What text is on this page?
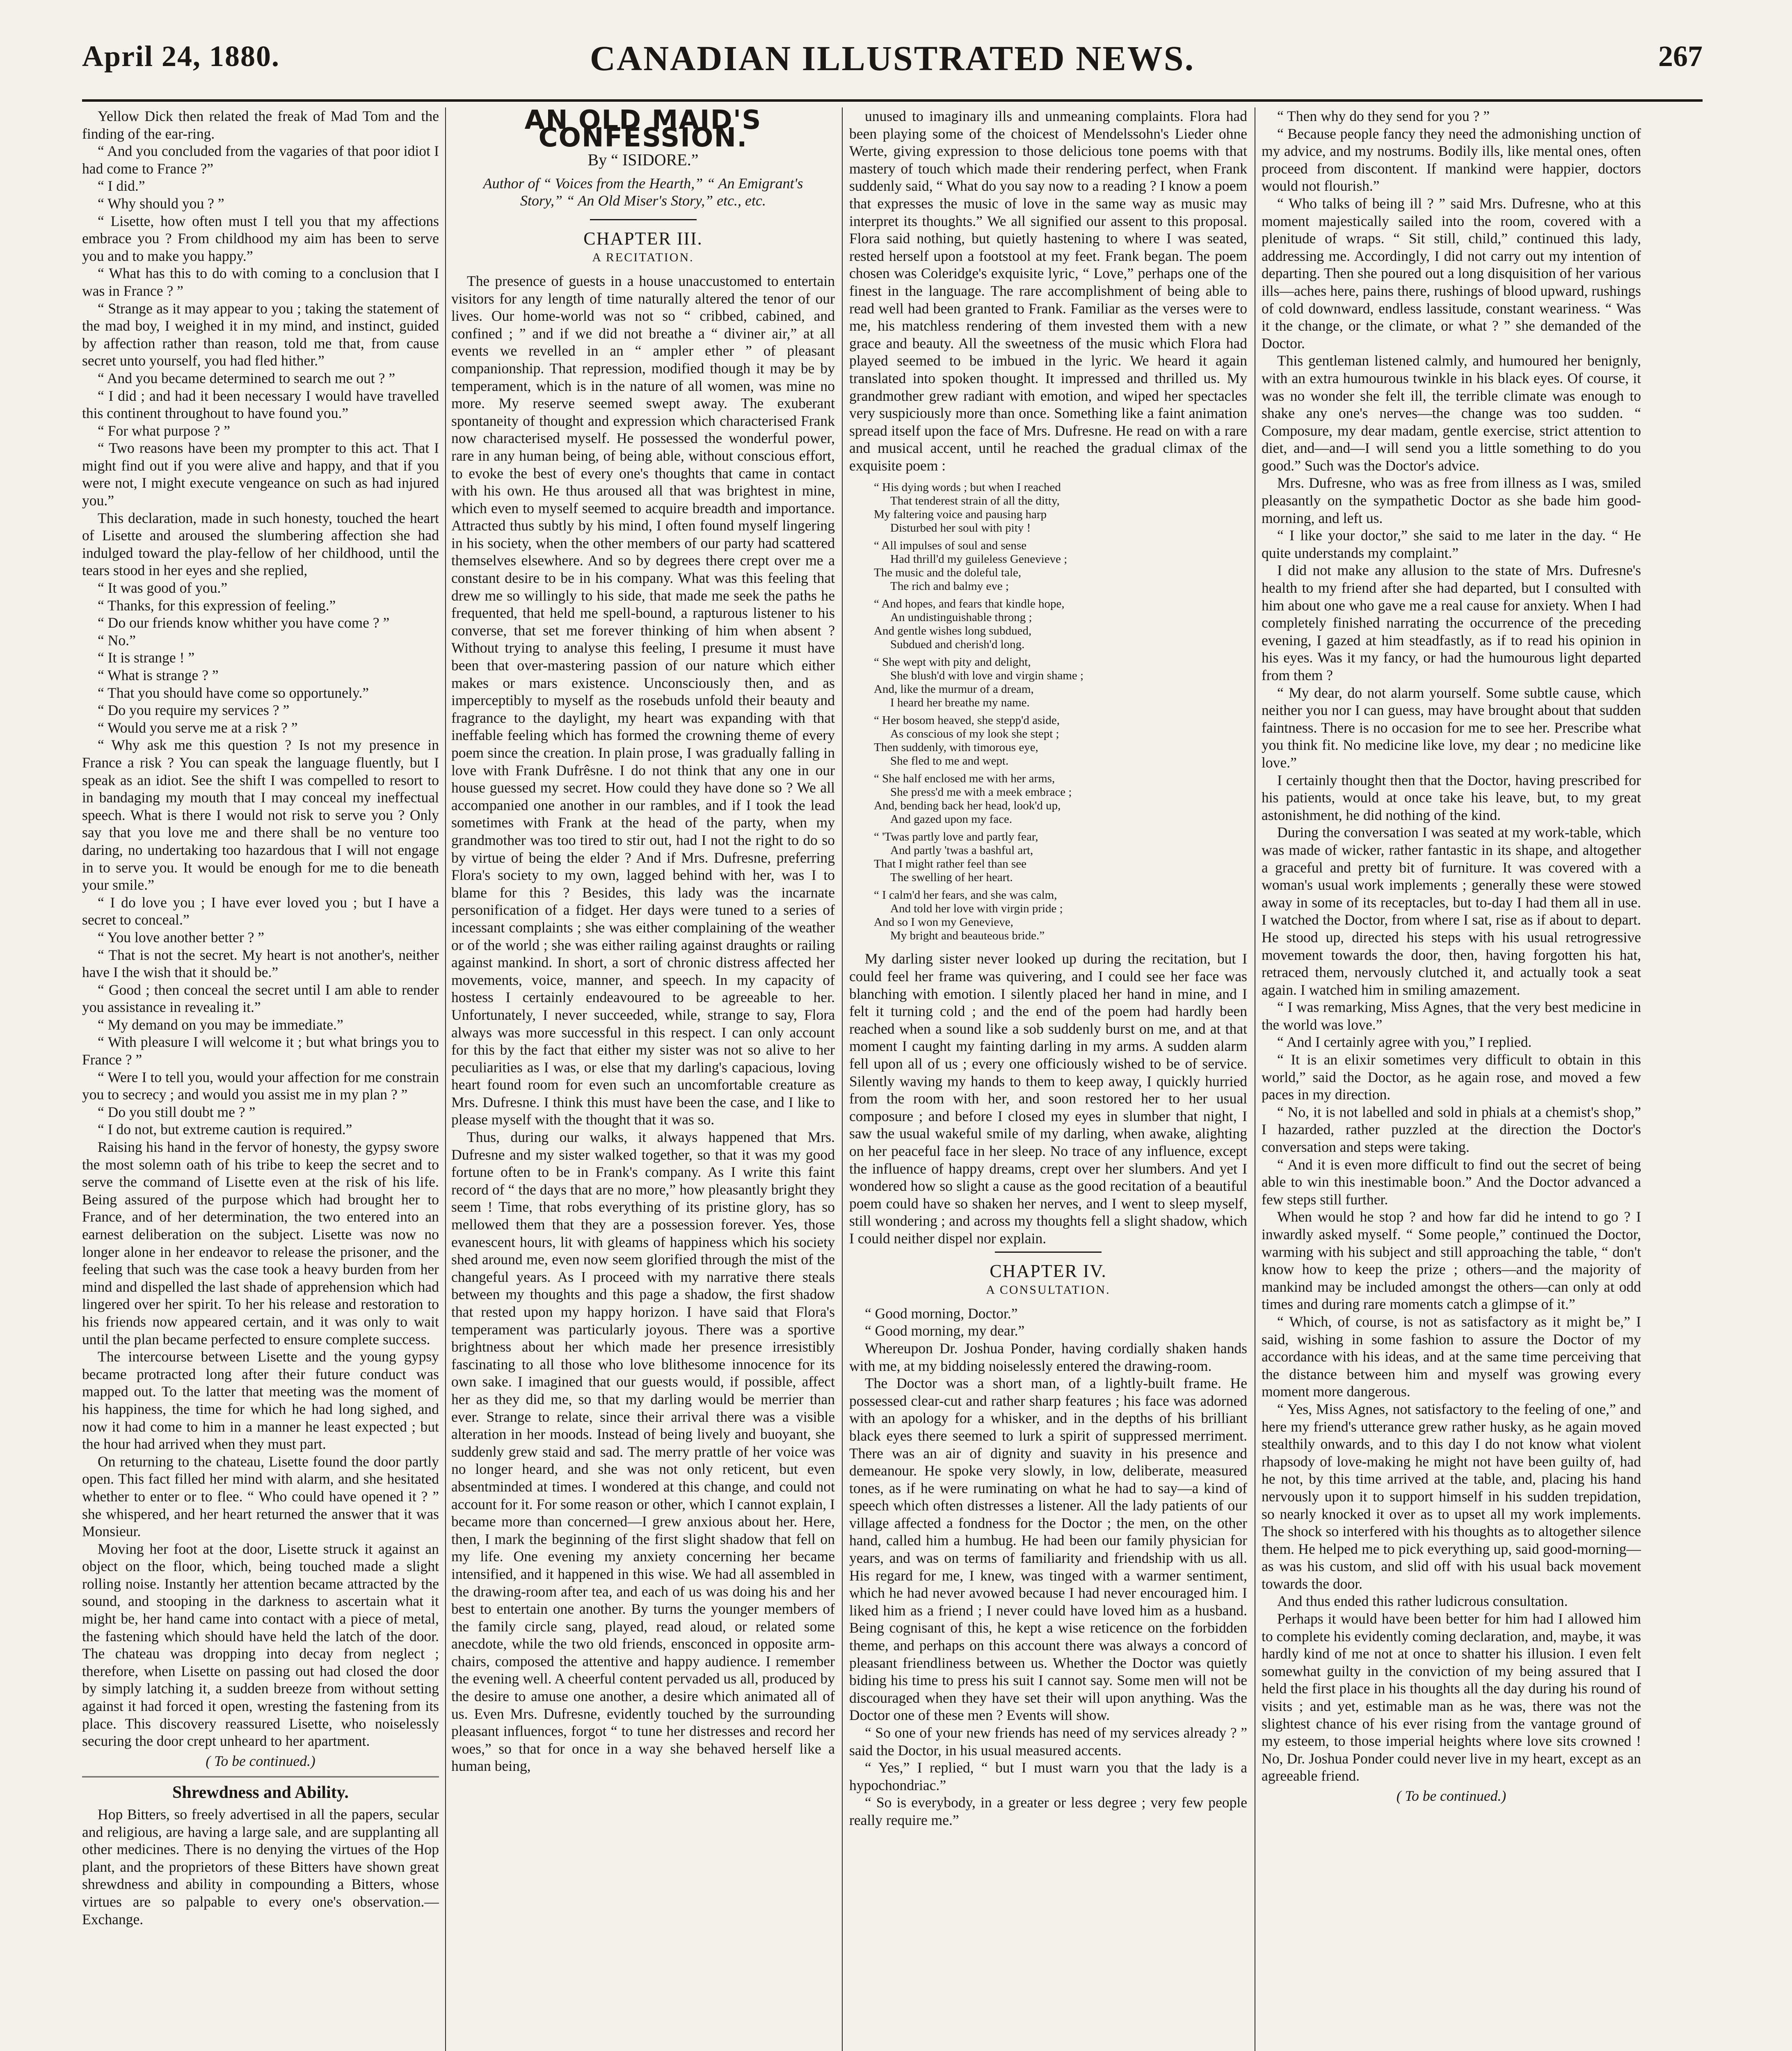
April 24, 1880.	CANADIAN ILLUSTRATED NEWS.	267

Yellow Dick then related the freak of Mad Tom and the finding of the ear-ring.

“ And you concluded from the vagaries of that poor idiot I had come to France ?”

“ I did.”

“ Why should you ? ”

“ Lisette, how often must I tell you that my affections embrace you ? From childhood my aim has been to serve you and to make you happy.”

“ What has this to do with coming to a conclusion that I was in France ? ”

“ Strange as it may appear to you ; taking the statement of the mad boy, I weighed it in my mind, and instinct, guided by affection rather than reason, told me that, from cause secret unto yourself, you had fled hither.”

“ And you became determined to search me out ? ”

“ I did ; and had it been necessary I would have travelled this continent throughout to have found you.”

“ For what purpose ? ”

“ Two reasons have been my prompter to this act. That I might find out if you were alive and happy, and that if you were not, I might execute vengeance on such as had injured you.”

This declaration, made in such honesty, touched the heart of Lisette and aroused the slumbering affection she had indulged toward the play-fellow of her childhood, until the tears stood in her eyes and she replied,

“ It was good of you.”

“ Thanks, for this expression of feeling.”

“ Do our friends know whither you have come ? ”

“ No.”

“ It is strange ! ”

“ What is strange ? ”

“ That you should have come so opportunely.”

“ Do you require my services ? ”

“ Would you serve me at a risk ? ”

“ Why ask me this question ? Is not my presence in France a risk ? You can speak the language fluently, but I speak as an idiot. See the shift I was compelled to resort to in bandaging my mouth that I may conceal my ineffectual speech. What is there I would not risk to serve you ? Only say that you love me and there shall be no venture too daring, no undertaking too hazardous that I will not engage in to serve you. It would be enough for me to die beneath your smile.”

“ I do love you ; I have ever loved you ; but I have a secret to conceal.”

“ You love another better ? ”

“ That is not the secret. My heart is not another's, neither have I the wish that it should be.”

“ Good ; then conceal the secret until I am able to render you assistance in revealing it.”

“ My demand on you may be immediate.”

“ With pleasure I will welcome it ; but what brings you to France ? ”

“ Were I to tell you, would your affection for me constrain you to secrecy ; and would you assist me in my plan ? ”

“ Do you still doubt me ? ”

“ I do not, but extreme caution is required.”

Raising his hand in the fervor of honesty, the gypsy swore the most solemn oath of his tribe to keep the secret and to serve the command of Lisette even at the risk of his life. Being assured of the purpose which had brought her to France, and of her determination, the two entered into an earnest deliberation on the subject. Lisette was now no longer alone in her endeavor to release the prisoner, and the feeling that such was the case took a heavy burden from her mind and dispelled the last shade of apprehension which had lingered over her spirit. To her his release and restoration to his friends now appeared certain, and it was only to wait until the plan became perfected to ensure complete success.

The intercourse between Lisette and the young gypsy became protracted long after their future conduct was mapped out. To the latter that meeting was the moment of his happiness, the time for which he had long sighed, and now it had come to him in a manner he least expected ; but the hour had arrived when they must part.

On returning to the chateau, Lisette found the door partly open. This fact filled her mind with alarm, and she hesitated whether to enter or to flee. “ Who could have opened it ? ” she whispered, and her heart returned the answer that it was Monsieur.

Moving her foot at the door, Lisette struck it against an object on the floor, which, being touched made a slight rolling noise. Instantly her attention became attracted by the sound, and stooping in the darkness to ascertain what it might be, her hand came into contact with a piece of metal, the fastening which should have held the latch of the door. The chateau was dropping into decay from neglect ; therefore, when Lisette on passing out had closed the door by simply latching it, a sudden breeze from without setting against it had forced it open, wresting the fastening from its place. This discovery reassured Lisette, who noiselessly securing the door crept unheard to her apartment.

( To be continued.)
Shrewdness and Ability.

Hop Bitters, so freely advertised in all the papers, secular and religious, are having a large sale, and are supplanting all other medicines. There is no denying the virtues of the Hop plant, and the proprietors of these Bitters have shown great shrewdness and ability in compounding a Bitters, whose virtues are so palpable to every one's observation.—Exchange.

AN OLD MAID'S CONFESSION.
By “ ISIDORE.”
Author of “ Voices from the Hearth,” “ An Emigrant's Story,” “ An Old Miser's Story,” etc., etc.
CHAPTER III.
A RECITATION.

The presence of guests in a house unaccustomed to entertain visitors for any length of time naturally altered the tenor of our lives. Our home-world was not so “ cribbed, cabined, and confined ; ” and if we did not breathe a “ diviner air,” at all events we revelled in an “ ampler ether ” of pleasant companionship. That repression, modified though it may be by temperament, which is in the nature of all women, was mine no more. My reserve seemed swept away. The exuberant spontaneity of thought and expression which characterised Frank now characterised myself. He possessed the wonderful power, rare in any human being, of being able, without conscious effort, to evoke the best of every one's thoughts that came in contact with his own. He thus aroused all that was brightest in mine, which even to myself seemed to acquire breadth and importance. Attracted thus subtly by his mind, I often found myself lingering in his society, when the other members of our party had scattered themselves elsewhere. And so by degrees there crept over me a constant desire to be in his company. What was this feeling that drew me so willingly to his side, that made me seek the paths he frequented, that held me spell-bound, a rapturous listener to his converse, that set me forever thinking of him when absent ? Without trying to analyse this feeling, I presume it must have been that over-mastering passion of our nature which either makes or mars existence. Unconsciously then, and as imperceptibly to myself as the rosebuds unfold their beauty and fragrance to the daylight, my heart was expanding with that ineffable feeling which has formed the crowning theme of every poem since the creation. In plain prose, I was gradually falling in love with Frank Dufrêsne. I do not think that any one in our house guessed my secret. How could they have done so ? We all accompanied one another in our rambles, and if I took the lead sometimes with Frank at the head of the party, when my grandmother was too tired to stir out, had I not the right to do so by virtue of being the elder ? And if Mrs. Dufresne, preferring Flora's society to my own, lagged behind with her, was I to blame for this ? Besides, this lady was the incarnate personification of a fidget. Her days were tuned to a series of incessant complaints ; she was either complaining of the weather or of the world ; she was either railing against draughts or railing against mankind. In short, a sort of chronic distress affected her movements, voice, manner, and speech. In my capacity of hostess I certainly endeavoured to be agreeable to her. Unfortunately, I never succeeded, while, strange to say, Flora always was more successful in this respect. I can only account for this by the fact that either my sister was not so alive to her peculiarities as I was, or else that my darling's capacious, loving heart found room for even such an uncomfortable creature as Mrs. Dufresne. I think this must have been the case, and I like to please myself with the thought that it was so.

Thus, during our walks, it always happened that Mrs. Dufresne and my sister walked together, so that it was my good fortune often to be in Frank's company. As I write this faint record of “ the days that are no more,” how pleasantly bright they seem ! Time, that robs everything of its pristine glory, has so mellowed them that they are a possession forever. Yes, those evanescent hours, lit with gleams of happiness which his society shed around me, even now seem glorified through the mist of the changeful years. As I proceed with my narrative there steals between my thoughts and this page a shadow, the first shadow that rested upon my happy horizon. I have said that Flora's temperament was particularly joyous. There was a sportive brightness about her which made her presence irresistibly fascinating to all those who love blithesome innocence for its own sake. I imagined that our guests would, if possible, affect her as they did me, so that my darling would be merrier than ever. Strange to relate, since their arrival there was a visible alteration in her moods. Instead of being lively and buoyant, she suddenly grew staid and sad. The merry prattle of her voice was no longer heard, and she was not only reticent, but even absentminded at times. I wondered at this change, and could not account for it. For some reason or other, which I cannot explain, I became more than concerned—I grew anxious about her. Here, then, I mark the beginning of the first slight shadow that fell on my life. One evening my anxiety concerning her became intensified, and it happened in this wise. We had all assembled in the drawing-room after tea, and each of us was doing his and her best to entertain one another. By turns the younger members of the family circle sang, played, read aloud, or related some anecdote, while the two old friends, ensconced in opposite arm-chairs, composed the attentive and happy audience. I remember the evening well. A cheerful content pervaded us all, produced by the desire to amuse one another, a desire which animated all of us. Even Mrs. Dufresne, evidently touched by the surrounding pleasant influences, forgot “ to tune her distresses and record her woes,” so that for once in a way she behaved herself like a human being,

unused to imaginary ills and unmeaning complaints. Flora had been playing some of the choicest of Mendelssohn's Lieder ohne Werte, giving expression to those delicious tone poems with that mastery of touch which made their rendering perfect, when Frank suddenly said, “ What do you say now to a reading ? I know a poem that expresses the music of love in the same way as music may interpret its thoughts.” We all signified our assent to this proposal. Flora said nothing, but quietly hastening to where I was seated, rested herself upon a footstool at my feet. Frank began. The poem chosen was Coleridge's exquisite lyric, “ Love,” perhaps one of the finest in the language. The rare accomplishment of being able to read well had been granted to Frank. Familiar as the verses were to me, his matchless rendering of them invested them with a new grace and beauty. All the sweetness of the music which Flora had played seemed to be imbued in the lyric. We heard it again translated into spoken thought. It impressed and thrilled us. My grandmother grew radiant with emotion, and wiped her spectacles very suspiciously more than once. Something like a faint animation spread itself upon the face of Mrs. Dufresne. He read on with a rare and musical accent, until he reached the gradual climax of the exquisite poem :

“ His dying words ; but when I reached
That tenderest strain of all the ditty,
My faltering voice and pausing harp
Disturbed her soul with pity !
“ All impulses of soul and sense
Had thrill'd my guileless Genevieve ;
The music and the doleful tale,
The rich and balmy eve ;
“ And hopes, and fears that kindle hope,
An undistinguishable throng ;
And gentle wishes long subdued,
Subdued and cherish'd long.
“ She wept with pity and delight,
She blush'd with love and virgin shame ;
And, like the murmur of a dream,
I heard her breathe my name.
“ Her bosom heaved, she stepp'd aside,
As conscious of my look she stept ;
Then suddenly, with timorous eye,
She fled to me and wept.
“ She half enclosed me with her arms,
She press'd me with a meek embrace ;
And, bending back her head, look'd up,
And gazed upon my face.
“ 'Twas partly love and partly fear,
And partly 'twas a bashful art,
That I might rather feel than see
The swelling of her heart.
“ I calm'd her fears, and she was calm,
And told her love with virgin pride ;
And so I won my Genevieve,
My bright and beauteous bride.”

My darling sister never looked up during the recitation, but I could feel her frame was quivering, and I could see her face was blanching with emotion. I silently placed her hand in mine, and I felt it turning cold ; and the end of the poem had hardly been reached when a sound like a sob suddenly burst on me, and at that moment I caught my fainting darling in my arms. A sudden alarm fell upon all of us ; every one officiously wished to be of service. Silently waving my hands to them to keep away, I quickly hurried from the room with her, and soon restored her to her usual composure ; and before I closed my eyes in slumber that night, I saw the usual wakeful smile of my darling, when awake, alighting on her peaceful face in her sleep. No trace of any influence, except the influence of happy dreams, crept over her slumbers. And yet I wondered how so slight a cause as the good recitation of a beautiful poem could have so shaken her nerves, and I went to sleep myself, still wondering ; and across my thoughts fell a slight shadow, which I could neither dispel nor explain.

CHAPTER IV.
A CONSULTATION.

“ Good morning, Doctor.”

“ Good morning, my dear.”

Whereupon Dr. Joshua Ponder, having cordially shaken hands with me, at my bidding noiselessly entered the drawing-room.

The Doctor was a short man, of a lightly-built frame. He possessed clear-cut and rather sharp features ; his face was adorned with an apology for a whisker, and in the depths of his brilliant black eyes there seemed to lurk a spirit of suppressed merriment. There was an air of dignity and suavity in his presence and demeanour. He spoke very slowly, in low, deliberate, measured tones, as if he were ruminating on what he had to say—a kind of speech which often distresses a listener. All the lady patients of our village affected a fondness for the Doctor ; the men, on the other hand, called him a humbug. He had been our family physician for years, and was on terms of familiarity and friendship with us all. His regard for me, I knew, was tinged with a warmer sentiment, which he had never avowed because I had never encouraged him. I liked him as a friend ; I never could have loved him as a husband. Being cognisant of this, he kept a wise reticence on the forbidden theme, and perhaps on this account there was always a concord of pleasant friendliness between us. Whether the Doctor was quietly biding his time to press his suit I cannot say. Some men will not be discouraged when they have set their will upon anything. Was the Doctor one of these men ? Events will show.

“ So one of your new friends has need of my services already ? ” said the Doctor, in his usual measured accents.

“ Yes,” I replied, “ but I must warn you that the lady is a hypochondriac.”

“ So is everybody, in a greater or less degree ; very few people really require me.”

“ Then why do they send for you ? ”

“ Because people fancy they need the admonishing unction of my advice, and my nostrums. Bodily ills, like mental ones, often proceed from discontent. If mankind were happier, doctors would not flourish.”

“ Who talks of being ill ? ” said Mrs. Dufresne, who at this moment majestically sailed into the room, covered with a plenitude of wraps. “ Sit still, child,” continued this lady, addressing me. Accordingly, I did not carry out my intention of departing. Then she poured out a long disquisition of her various ills—aches here, pains there, rushings of blood upward, rushings of cold downward, endless lassitude, constant weariness. “ Was it the change, or the climate, or what ? ” she demanded of the Doctor.

This gentleman listened calmly, and humoured her benignly, with an extra humourous twinkle in his black eyes. Of course, it was no wonder she felt ill, the terrible climate was enough to shake any one's nerves—the change was too sudden. “ Composure, my dear madam, gentle exercise, strict attention to diet, and—and—I will send you a little something to do you good.” Such was the Doctor's advice.

Mrs. Dufresne, who was as free from illness as I was, smiled pleasantly on the sympathetic Doctor as she bade him good-morning, and left us.

“ I like your doctor,” she said to me later in the day. “ He quite understands my complaint.”

I did not make any allusion to the state of Mrs. Dufresne's health to my friend after she had departed, but I consulted with him about one who gave me a real cause for anxiety. When I had completely finished narrating the occurrence of the preceding evening, I gazed at him steadfastly, as if to read his opinion in his eyes. Was it my fancy, or had the humourous light departed from them ?

“ My dear, do not alarm yourself. Some subtle cause, which neither you nor I can guess, may have brought about that sudden faintness. There is no occasion for me to see her. Prescribe what you think fit. No medicine like love, my dear ; no medicine like love.”

I certainly thought then that the Doctor, having prescribed for his patients, would at once take his leave, but, to my great astonishment, he did nothing of the kind.

During the conversation I was seated at my work-table, which was made of wicker, rather fantastic in its shape, and altogether a graceful and pretty bit of furniture. It was covered with a woman's usual work implements ; generally these were stowed away in some of its receptacles, but to-day I had them all in use. I watched the Doctor, from where I sat, rise as if about to depart. He stood up, directed his steps with his usual retrogressive movement towards the door, then, having forgotten his hat, retraced them, nervously clutched it, and actually took a seat again. I watched him in smiling amazement.

“ I was remarking, Miss Agnes, that the very best medicine in the world was love.”

“ And I certainly agree with you,” I replied.

“ It is an elixir sometimes very difficult to obtain in this world,” said the Doctor, as he again rose, and moved a few paces in my direction.

“ No, it is not labelled and sold in phials at a chemist's shop,” I hazarded, rather puzzled at the direction the Doctor's conversation and steps were taking.

“ And it is even more difficult to find out the secret of being able to win this inestimable boon.” And the Doctor advanced a few steps still further.

When would he stop ? and how far did he intend to go ? I inwardly asked myself. “ Some people,” continued the Doctor, warming with his subject and still approaching the table, “ don't know how to keep the prize ; others—and the majority of mankind may be included amongst the others—can only at odd times and during rare moments catch a glimpse of it.”

“ Which, of course, is not as satisfactory as it might be,” I said, wishing in some fashion to assure the Doctor of my accordance with his ideas, and at the same time perceiving that the distance between him and myself was growing every moment more dangerous.

“ Yes, Miss Agnes, not satisfactory to the feeling of one,” and here my friend's utterance grew rather husky, as he again moved stealthily onwards, and to this day I do not know what violent rhapsody of love-making he might not have been guilty of, had he not, by this time arrived at the table, and, placing his hand nervously upon it to support himself in his sudden trepidation, so nearly knocked it over as to upset all my work implements. The shock so interfered with his thoughts as to altogether silence them. He helped me to pick everything up, said good-morning—as was his custom, and slid off with his usual back movement towards the door.

And thus ended this rather ludicrous consultation.

Perhaps it would have been better for him had I allowed him to complete his evidently coming declaration, and, maybe, it was hardly kind of me not at once to shatter his illusion. I even felt somewhat guilty in the conviction of my being assured that I held the first place in his thoughts all the day during his round of visits ; and yet, estimable man as he was, there was not the slightest chance of his ever rising from the vantage ground of my esteem, to those imperial heights where love sits crowned ! No, Dr. Joshua Ponder could never live in my heart, except as an agreeable friend.

( To be continued.)
